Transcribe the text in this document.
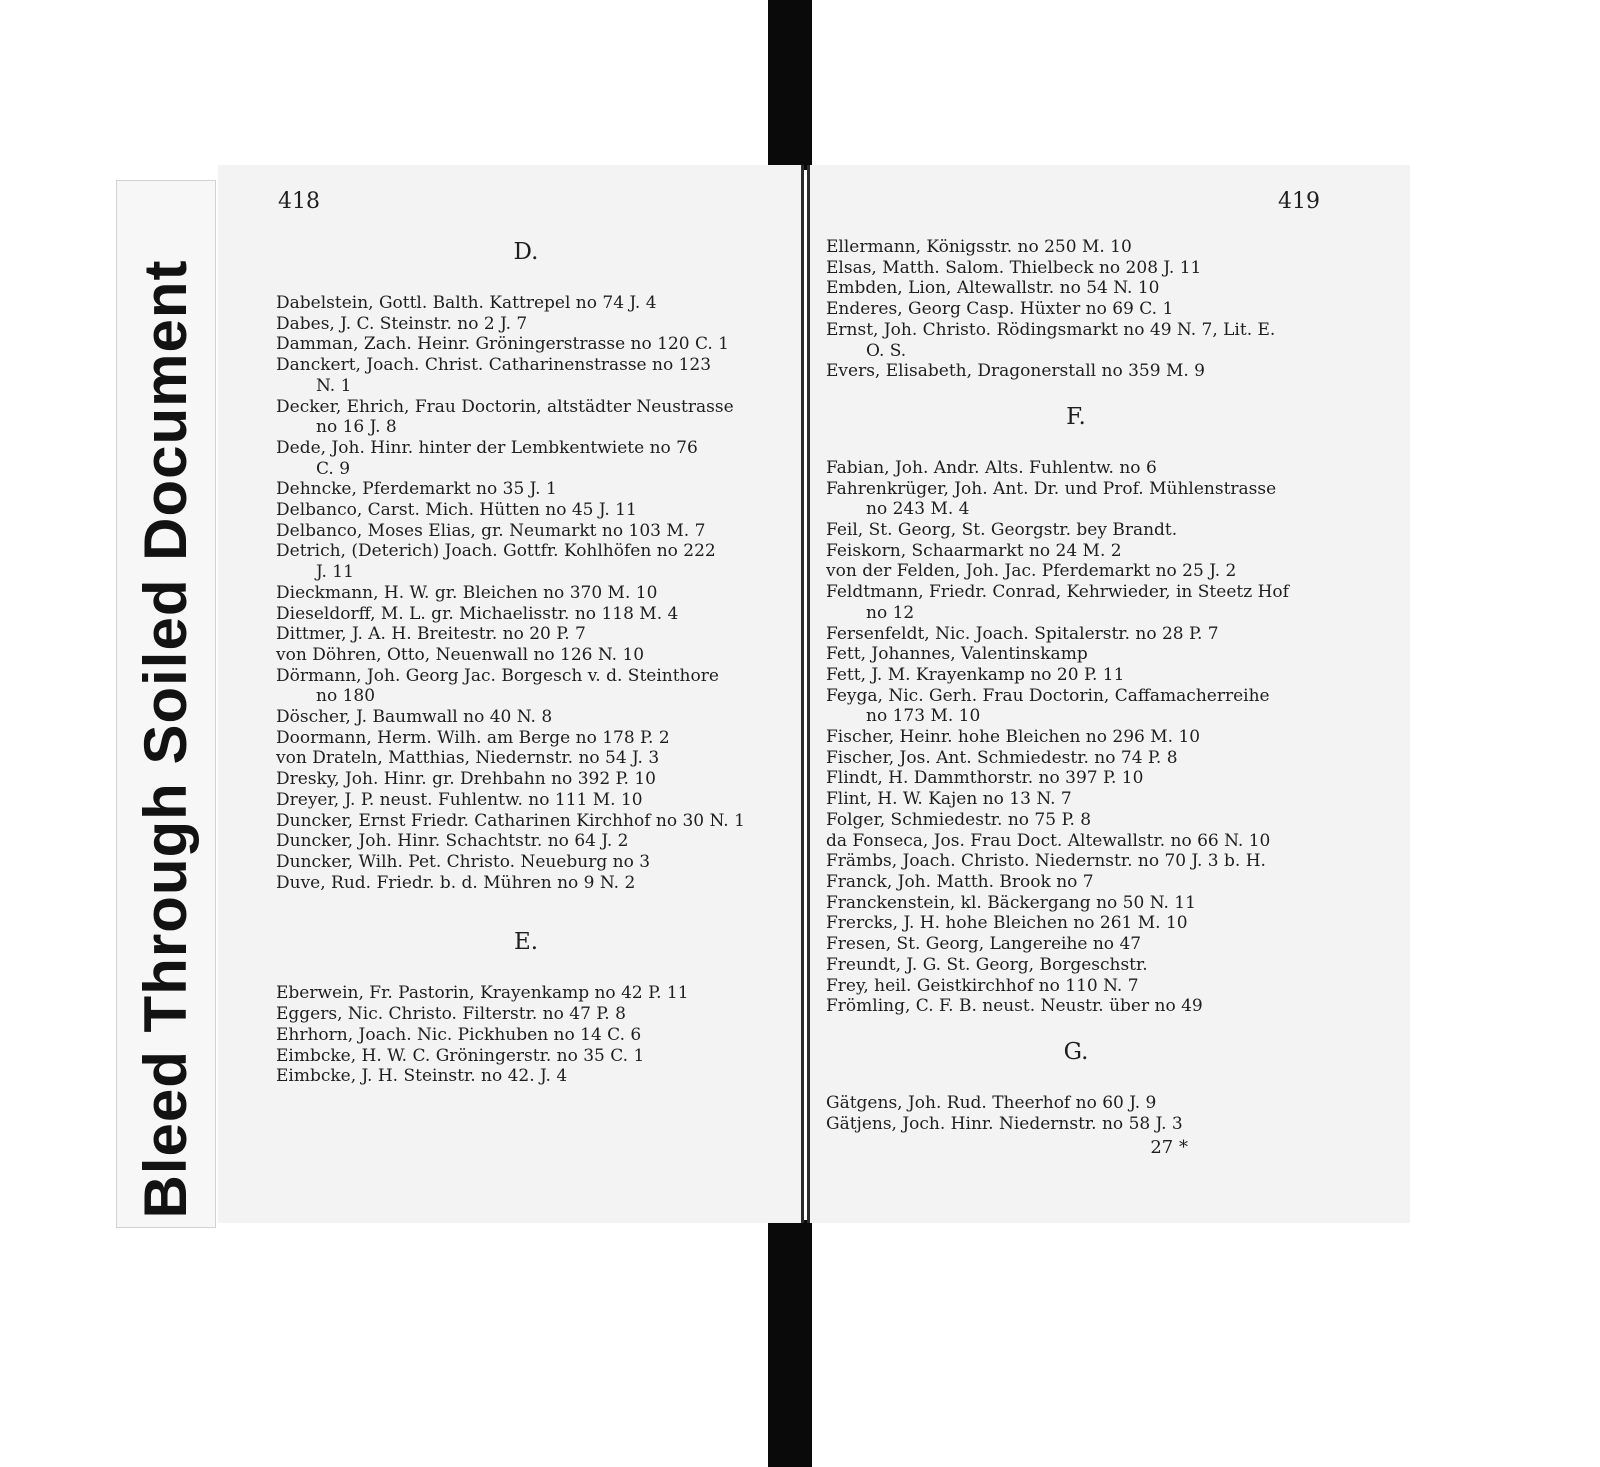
Bleed Through Soiled Document
418
D.
Dabelstein, Gottl. Balth. Kattrepel no 74 J. 4
Dabes, J. C. Steinstr. no 2 J. 7
Damman, Zach. Heinr. Gröningerstrasse no 120 C. 1
Danckert, Joach. Christ. Catharinenstrasse no 123
N. 1
Decker, Ehrich, Frau Doctorin, altstädter Neustrasse
no 16 J. 8
Dede, Joh. Hinr. hinter der Lembkentwiete no 76
C. 9
Dehncke, Pferdemarkt no 35 J. 1
Delbanco, Carst. Mich. Hütten no 45 J. 11
Delbanco, Moses Elias, gr. Neumarkt no 103 M. 7
Detrich, (Deterich) Joach. Gottfr. Kohlhöfen no 222
J. 11
Dieckmann, H. W. gr. Bleichen no 370 M. 10
Dieseldorff, M. L. gr. Michaelisstr. no 118 M. 4
Dittmer, J. A. H. Breitestr. no 20 P. 7
von Döhren, Otto, Neuenwall no 126 N. 10
Dörmann, Joh. Georg Jac. Borgesch v. d. Steinthore
no 180
Döscher, J. Baumwall no 40 N. 8
Doormann, Herm. Wilh. am Berge no 178 P. 2
von Drateln, Matthias, Niedernstr. no 54 J. 3
Dresky, Joh. Hinr. gr. Drehbahn no 392 P. 10
Dreyer, J. P. neust. Fuhlentw. no 111 M. 10
Duncker, Ernst Friedr. Catharinen Kirchhof no 30 N. 1
Duncker, Joh. Hinr. Schachtstr. no 64 J. 2
Duncker, Wilh. Pet. Christo. Neueburg no 3
Duve, Rud. Friedr. b. d. Mühren no 9 N. 2
E.
Eberwein, Fr. Pastorin, Krayenkamp no 42 P. 11
Eggers, Nic. Christo. Filterstr. no 47 P. 8
Ehrhorn, Joach. Nic. Pickhuben no 14 C. 6
Eimbcke, H. W. C. Gröningerstr. no 35 C. 1
Eimbcke, J. H. Steinstr. no 42. J. 4
419
Ellermann, Königsstr. no 250 M. 10
Elsas, Matth. Salom. Thielbeck no 208 J. 11
Embden, Lion, Altewallstr. no 54 N. 10
Enderes, Georg Casp. Hüxter no 69 C. 1
Ernst, Joh. Christo. Rödingsmarkt no 49 N. 7, Lit. E.
O. S.
Evers, Elisabeth, Dragonerstall no 359 M. 9
F.
Fabian, Joh. Andr. Alts. Fuhlentw. no 6
Fahrenkrüger, Joh. Ant. Dr. und Prof. Mühlenstrasse
no 243 M. 4
Feil, St. Georg, St. Georgstr. bey Brandt.
Feiskorn, Schaarmarkt no 24 M. 2
von der Felden, Joh. Jac. Pferdemarkt no 25 J. 2
Feldtmann, Friedr. Conrad, Kehrwieder, in Steetz Hof
no 12
Fersenfeldt, Nic. Joach. Spitalerstr. no 28 P. 7
Fett, Johannes, Valentinskamp
Fett, J. M. Krayenkamp no 20 P. 11
Feyga, Nic. Gerh. Frau Doctorin, Caffamacherreihe
no 173 M. 10
Fischer, Heinr. hohe Bleichen no 296 M. 10
Fischer, Jos. Ant. Schmiedestr. no 74 P. 8
Flindt, H. Dammthorstr. no 397 P. 10
Flint, H. W. Kajen no 13 N. 7
Folger, Schmiedestr. no 75 P. 8
da Fonseca, Jos. Frau Doct. Altewallstr. no 66 N. 10
Främbs, Joach. Christo. Niedernstr. no 70 J. 3 b. H.
Franck, Joh. Matth. Brook no 7
Franckenstein, kl. Bäckergang no 50 N. 11
Frercks, J. H. hohe Bleichen no 261 M. 10
Fresen, St. Georg, Langereihe no 47
Freundt, J. G. St. Georg, Borgeschstr.
Frey, heil. Geistkirchhof no 110 N. 7
Frömling, C. F. B. neust. Neustr. über no 49
G.
Gätgens, Joh. Rud. Theerhof no 60 J. 9
Gätjens, Joch. Hinr. Niedernstr. no 58 J. 3
27 *
